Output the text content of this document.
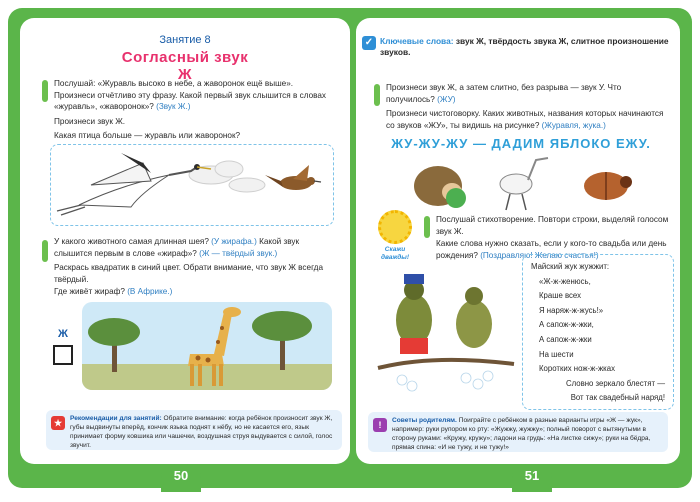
Занятие 8
Согласный звук Ж
Послушай: «Журавль высоко в небе, а жаворонок ещё выше». Произнеси отчётливо эту фразу. Какой первый звук слышится в словах «журавль», «жаворонок»? (Звук Ж.)
Произнеси звук Ж.
Какая птица больше — журавль или жаворонок?
У какого животного самая длинная шея? (У жирафа.) Какой звук слышится первым в слове «жираф»? (Ж — твёрдый звук.)
Раскрась квадратик в синий цвет. Обрати внимание, что звук Ж всегда твёрдый.
Где живёт жираф? (В Африке.)
Ж
★	Рекомендации для занятий: Обратите внимание: когда ребёнок произносит звук Ж, губы выдвинуты вперёд, кончик языка поднят к нёбу, но не касается его, язык принимает форму ковшика или чашечки, воздушная струя выдувается с силой, голос звучит.
✓ Ключевые слова: звук Ж, твёрдость звука Ж, слитное произношение звуков.
Произнеси звук Ж, а затем слитно, без разрыва — звук У. Что получилось? (ЖУ)
Произнеси чистоговорку. Каких животных, названия которых начинаются со звуков «ЖУ», ты видишь на рисунке? (Журавля, жука.)
ЖУ-ЖУ-ЖУ — ДАДИМ ЯБЛОКО ЕЖУ.
Скажи дважды!
Послушай стихотворение. Повтори строки, выделяй голосом звук Ж.
Какие слова нужно сказать, если у кого-то свадьба или день рождения? (Поздравляю! Желаю счастья!)
Майский жук жужжит:
«Ж-ж-женюсь,
Краше всех
Я наряж-ж-жусь!»
А сапож-ж-жки,
А сапож-ж-жки
На шести
Коротких нож-ж-жках
Словно зеркало блестят —
Вот так свадебный наряд!
!	Советы родителям. Поиграйте с ребёнком в разные варианты игры «Ж — жук», например: руки рупором ко рту: «Жужжу, жужжу»; полный поворот с вытянутыми в сторону руками: «Кружу, кружу»; ладони на грудь: «На листке сижу»; руки на бёдра, прямая спина: «И не тужу, и не тужу!»
50	51
